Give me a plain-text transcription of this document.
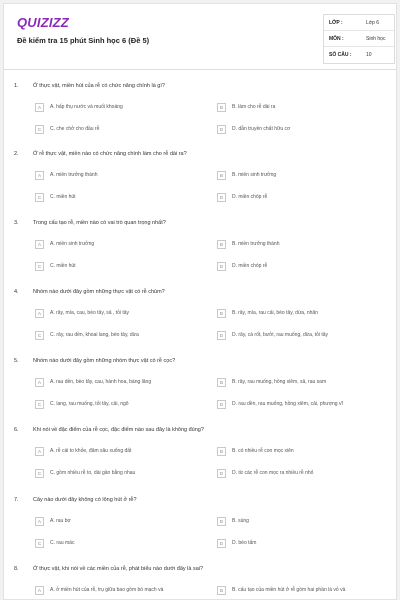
QUIZIZZ
Đề kiểm tra 15 phút Sinh học 6 (Đề 5)
LỚP :	Lớp 6
MÔN :	Sinh học
SỐ CÂU :	10
1.	Ở thực vật, miền hút của rễ có chức năng chính là gì?
A	A. hấp thụ nước và muối khoáng	B	B. làm cho rễ dài ra
C	C. che chở cho đầu rễ	D	D. dẫn truyền chất hữu cơ
2.	Ở rễ thực vật, miền nào có chức năng chính làm cho rễ dài ra?
A	A. miền trưởng thành	B	B. miền sinh trưởng
C	C. miền hút	D	D. miền chóp rễ
3.	Trong cấu tạo rễ, miền nào có vai trò quan trọng nhất?
A	A. miền sinh trưởng	B	B. miền trưởng thành
C	C. miền hút	D	D. miền chóp rễ
4.	Nhóm nào dưới đây gồm những thực vật có rễ chùm?
A	A. rây, mía, cau, bèo tây, sả , tỏi tây	B	B. rây, mía, rau cải, bèo tây, dừa, nhãn
C	C. rây, rau dền, khoai lang, bèo tây, dừa	D	D. rây, cà rốt, bưởi, rau muống, dừa, tỏi tây
5.	Nhóm nào dưới đây gồm những nhóm thực vật có rễ cọc?
A	A. rau dền, bèo tây, cau, hành hoa, bàng lăng	B	B. rây, rau muống, hồng xiêm, sả, rau sam
C	C. lang, rau muống, tỏi tây, cải, ngô	D	D. rau dền, rau muống, hồng xiêm, cải, phượng vĩ
6.	Khi nói về đặc điểm của rễ cọc, đặc điểm nào sau đây là không đúng?
A	A. rễ cái to khỏe, đâm sâu xuống đất	B	B. có nhiều rễ con mọc xiên
C	C. gồm nhiều rễ to, dài gần bằng nhau	D	D. từ các rễ con mọc ra nhiều rễ nhỏ
7.	Cây nào dưới đây không có lông hút ở rễ?
A	A. rau bợ	B	B. súng
C	C. rau mác	D	D. bèo tấm
8.	Ở thực vật, khi nói về các miền của rễ, phát biểu nào dưới đây là sai?
A	A. ở miền hút của rễ, trụ giữa bao gồm bó mạch và	B	B. cấu tạo của miền hút ở rễ gồm hai phần là vỏ và
